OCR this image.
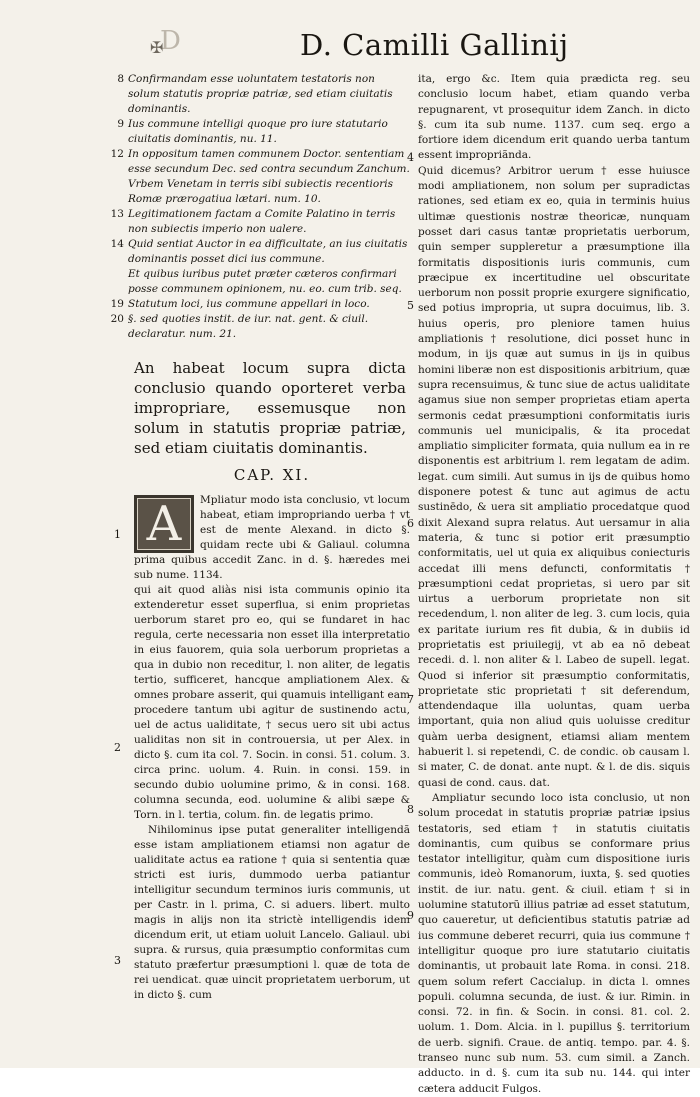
D
✠	D. Camilli Gallinij
8 Confirmandam esse uoluntatem testatoris non solum statutis propriæ patriæ, sed etiam ciuitatis dominantis.
9 Ius commune intelligi quoque pro iure statutario ciuitatis dominantis, nu. 11.
12 In oppositum tamen communem Doctor. sententiam esse secundum Dec. sed contra secundum Zanchum.
Vrbem Venetam in terris sibi subiectis recentioris Romæ prærogatiua lætari. num. 10.
13 Legitimationem factam a Comite Palatino in terris non subiectis imperio non ualere.
14 Quid sentiat Auctor in ea difficultate, an ius ciuitatis dominantis posset dici ius commune.
Et quibus iuribus putet præter cæteros confirmari posse communem opinionem, nu. eo. cum trib. seq.
19 Statutum loci, ius commune appellari in loco.
20 §. sed quoties instit. de iur. nat. gent. & ciuil. declaratur. num. 21.
An habeat locum supra dicta conclusio quando oporteret verba impropriare, essemusque non solum in statutis propriæ patriæ, sed etiam ciuitatis dominantis.
CAP. XI.
1
2
3
A	Mpliatur modo ista conclusio, vt locum habeat, etiam impropriando uerba † vt est de mente Alexand. in dicto §. quidam recte ubi & Galiaul. columna prima quibus accedit Zanc. in d. §. hæredes mei sub nume. 1134.

qui ait quod aliàs nisi ista communis opinio ita extenderetur esset superflua, si enim proprietas uerborum staret pro eo, qui se fundaret in hac regula, certe necessaria non esset illa interpretatio in eius fauorem, quia sola uerborum proprietas a qua in dubio non receditur, l. non aliter, de legatis tertio, sufficeret, hancque ampliationem Alex. & omnes probare asserit, qui quamuis intelligant eam procedere tantum ubi agitur de sustinendo actu, uel de actus ualiditate, † secus uero sit ubi actus ualiditas non sit in controuersia, ut per Alex. in dicto §. cum ita col. 7. Socin. in consi. 51. colum. 3. circa princ. uolum. 4. Ruin. in consi. 159. in secundo dubio uolumine primo, & in consi. 168. columna secunda, eod. uolumine & alibi sæpe & Torn. in l. tertia, colum. fin. de legatis primo.

Nihilominus ipse putat generaliter intelligendã esse istam ampliationem etiamsi non agatur de ualiditate actus ea ratione † quia si sententia quæ stricti est iuris, dummodo uerba patiantur intelligitur secundum terminos iuris communis, ut per Castr. in l. prima, C. si aduers. libert. multo magis in alijs non ita strictè intelligendis idem dicendum erit, ut etiam uoluit Lancelo. Galiaul. ubi supra. & rursus, quia præsumptio conformitas cum statuto præfertur præsumptioni l. quæ de tota de rei uendicat. quæ uincit proprietatem uerborum, ut in dicto §. cum

4
5
6
7
8
9

ita, ergo &c. Item quia prædicta reg. seu conclusio locum habet, etiam quando verba repugnarent, vt prosequitur idem Zanch. in dicto §. cum ita sub nume. 1137. cum seq. ergo a fortiore idem dicendum erit quando uerba tantum essent impropriãnda.

Quid dicemus? Arbitror uerum † esse huiusce modi ampliationem, non solum per supradictas rationes, sed etiam ex eo, quia in terminis huius ultimæ questionis nostræ theoricæ, nunquam posset dari casus tantæ proprietatis uerborum, quin semper suppleretur a præsumptione illa formitatis dispositionis iuris communis, cum præcipue ex incertitudine uel obscuritate uerborum non possit proprie exurgere significatio, sed potius impropria, ut supra docuimus, lib. 3. huius operis, pro pleniore tamen huius ampliationis † resolutione, dici posset hunc in modum, in ijs quæ aut sumus in ijs in quibus homini liberæ non est dispositionis arbitrium, quæ supra recensuimus, & tunc siue de actus ualiditate agamus siue non semper proprietas etiam aperta sermonis cedat præsumptioni conformitatis iuris communis uel municipalis, & ita procedat ampliatio simpliciter formata, quia nullum ea in re disponentis est arbitrium l. rem legatam de adim. legat. cum simili. Aut sumus in ijs de quibus homo disponere potest & tunc aut agimus de actu sustinēdo, & uera sit ampliatio procedatque quod dixit Alexand supra relatus. Aut uersamur in alia materia, & tunc si potior erit præsumptio conformitatis, uel ut quia ex aliquibus coniecturis accedat illi mens defuncti, conformitatis † præsumptioni cedat proprietas, si uero par sit uirtus a uerborum proprietate non sit recedendum, l. non aliter de leg. 3. cum locis, quia ex paritate iurium res fit dubia, & in dubiis id proprietatis est priuilegij, vt ab ea nõ debeat recedi. d. l. non aliter & l. Labeo de supell. legat. Quod si inferior sit præsumptio conformitatis, proprietate stic proprietati † sit deferendum, attendendaque illa uoluntas, quam uerba important, quia non aliud quis uoluisse creditur quàm uerba designent, etiamsi aliam mentem habuerit l. si repetendi, C. de condic. ob causam l. si mater, C. de donat. ante nupt. & l. de dis. siquis quasi de cond. caus. dat.

Ampliatur secundo loco ista conclusio, ut non solum procedat in statutis propriæ patriæ ipsius testatoris, sed etiam † in statutis ciuitatis dominantis, cum quibus se conformare prius testator intelligitur, quàm cum dispositione iuris communis, ideò Romanorum, iuxta, §. sed quoties instit. de iur. natu. gent. & ciuil. etiam † si in uolumine statutorũ illius patriæ ad esset statutum, quo caueretur, ut deficientibus statutis patriæ ad ius commune deberet recurri, quia ius commune † intelligitur quoque pro iure statutario ciuitatis dominantis, ut probauit late Roma. in consi. 218. quem solum refert Caccialup. in dicta l. omnes populi. columna secunda, de iust. & iur. Rimin. in consi. 72. in fin. & Socin. in consi. 81. col. 2. uolum. 1. Dom. Alcia. in l. pupillus §. territorium de uerb. signifi. Craue. de antiq. tempo. par. 4. §. transeo nunc sub num. 53. cum simil. a Zanch. adducto. in d. §. cum ita sub nu. 144. qui inter cætera adducit Fulgos.
